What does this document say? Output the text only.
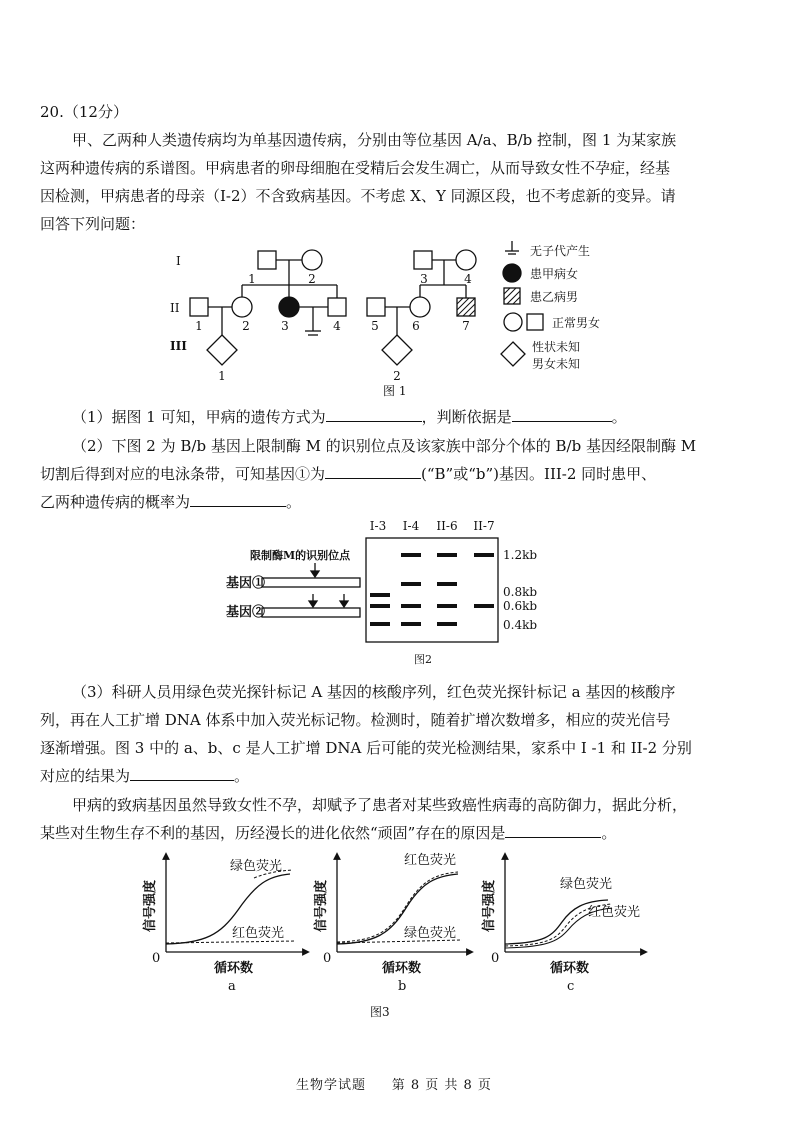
20.（12分）
甲、乙两种人类遗传病均为单基因遗传病，分别由等位基因 A/a、B/b 控制，图 1 为某家族
这两种遗传病的系谱图。甲病患者的卵母细胞在受精后会发生凋亡，从而导致女性不孕症，经基
因检测，甲病患者的母亲（I-2）不含致病基因。不考虑 X、Y 同源区段，也不考虑新的变异。请
回答下列问题：
I
II
III
1	2	3	4
1	2	3	4	5	6	7
1	2
无子代产生
患甲病女
患乙病男
正常男女
性状未知
男女未知
图 1
（1）据图 1 可知，甲病的遗传方式为	，判断依据是	。
（2）下图 2 为 B/b 基因上限制酶 M 的识别位点及该家族中部分个体的 B/b 基因经限制酶 M
切割后得到对应的电泳条带，可知基因①为	(“B”或“b”)基因。III-2 同时患甲、
乙两种遗传病的概率为	。
I-3 I-4 II-6 II-7
限制酶M的识别位点
基因①
基因②
1.2kb
0.8kb
0.6kb
0.4kb
图2
（3）科研人员用绿色荧光探针标记 A 基因的核酸序列，红色荧光探针标记 a 基因的核酸序
列，再在人工扩增 DNA 体系中加入荧光标记物。检测时，随着扩增次数增多，相应的荧光信号
逐渐增强。图 3 中的 a、b、c 是人工扩增 DNA 后可能的荧光检测结果，家系中 I -1 和 II-2 分别
对应的结果为	。
甲病的致病基因虽然导致女性不孕，却赋予了患者对某些致癌性病毒的高防御力，据此分析，
某些对生物生存不利的基因，历经漫长的进化依然“顽固”存在的原因是	。
绿色荧光
红色荧光
信号强度
0
循环数
a
红色荧光
绿色荧光
信号强度
0
循环数
b
绿色荧光
红色荧光
信号强度
0
循环数
c
图3
生物学试题 第 8 页 共 8 页
